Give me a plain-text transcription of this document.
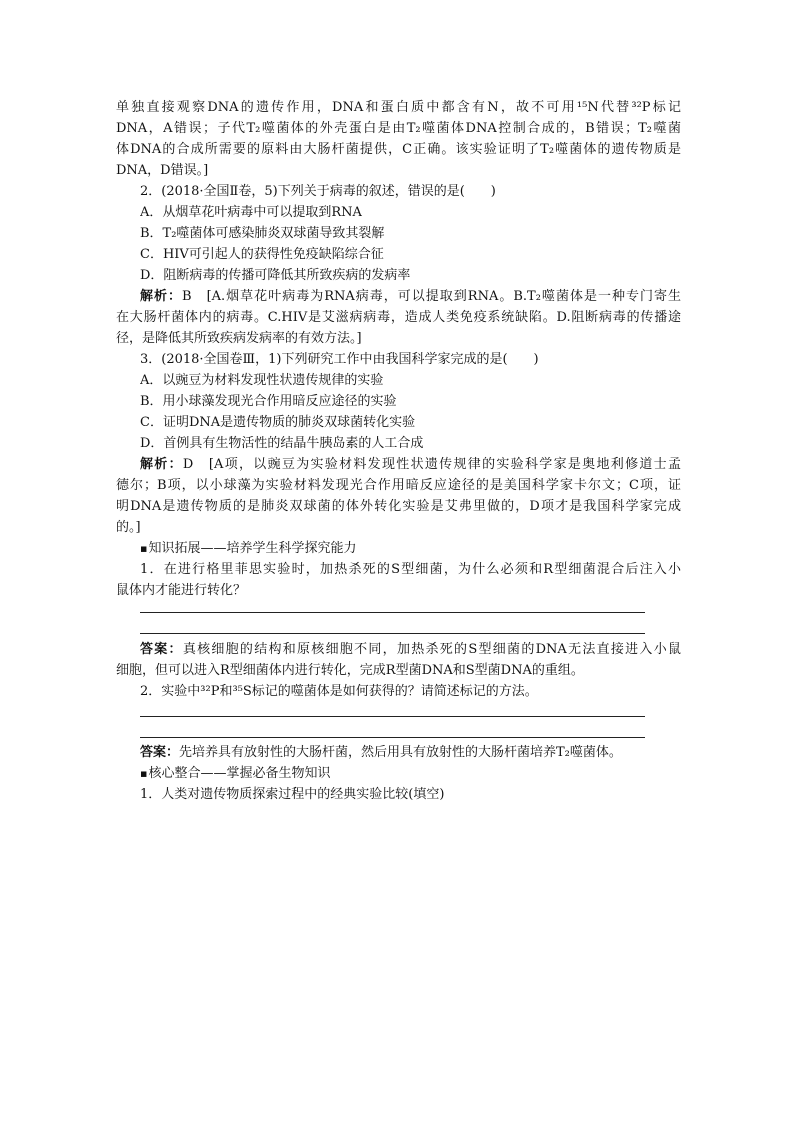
单独直接观察DNA的遗传作用，DNA和蛋白质中都含有N，故不可用¹⁵N代替³²P标记
DNA，A错误；子代T₂噬菌体的外壳蛋白是由T₂噬菌体DNA控制合成的，B错误；T₂噬菌
体DNA的合成所需要的原料由大肠杆菌提供，C正确。该实验证明了T₂噬菌体的遗传物质是
DNA，D错误。]
2．(2018·全国Ⅱ卷，5)下列关于病毒的叙述，错误的是(　　)
A．从烟草花叶病毒中可以提取到RNA
B．T₂噬菌体可感染肺炎双球菌导致其裂解
C．HIV可引起人的获得性免疫缺陷综合征
D．阻断病毒的传播可降低其所致疾病的发病率
解析：B　[A.烟草花叶病毒为RNA病毒，可以提取到RNA。B.T₂噬菌体是一种专门寄生
在大肠杆菌体内的病毒。C.HIV是艾滋病病毒，造成人类免疫系统缺陷。D.阻断病毒的传播途
径，是降低其所致疾病发病率的有效方法。]
3．(2018·全国卷Ⅲ，1)下列研究工作中由我国科学家完成的是(　　)
A．以豌豆为材料发现性状遗传规律的实验
B．用小球藻发现光合作用暗反应途径的实验
C．证明DNA是遗传物质的肺炎双球菌转化实验
D．首例具有生物活性的结晶牛胰岛素的人工合成
解析：D　[A项，以豌豆为实验材料发现性状遗传规律的实验科学家是奥地利修道士孟
德尔；B项，以小球藻为实验材料发现光合作用暗反应途径的是美国科学家卡尔文；C项，证
明DNA是遗传物质的是肺炎双球菌的体外转化实验是艾弗里做的，D项才是我国科学家完成
的。]
▪知识拓展——培养学生科学探究能力
1．在进行格里菲思实验时，加热杀死的S型细菌，为什么必须和R型细菌混合后注入小
鼠体内才能进行转化？
答案：真核细胞的结构和原核细胞不同，加热杀死的S型细菌的DNA无法直接进入小鼠
细胞，但可以进入R型细菌体内进行转化，完成R型菌DNA和S型菌DNA的重组。
2．实验中³²P和³⁵S标记的噬菌体是如何获得的？请简述标记的方法。
答案：先培养具有放射性的大肠杆菌，然后用具有放射性的大肠杆菌培养T₂噬菌体。
▪核心整合——掌握必备生物知识
1．人类对遗传物质探索过程中的经典实验比较(填空)
